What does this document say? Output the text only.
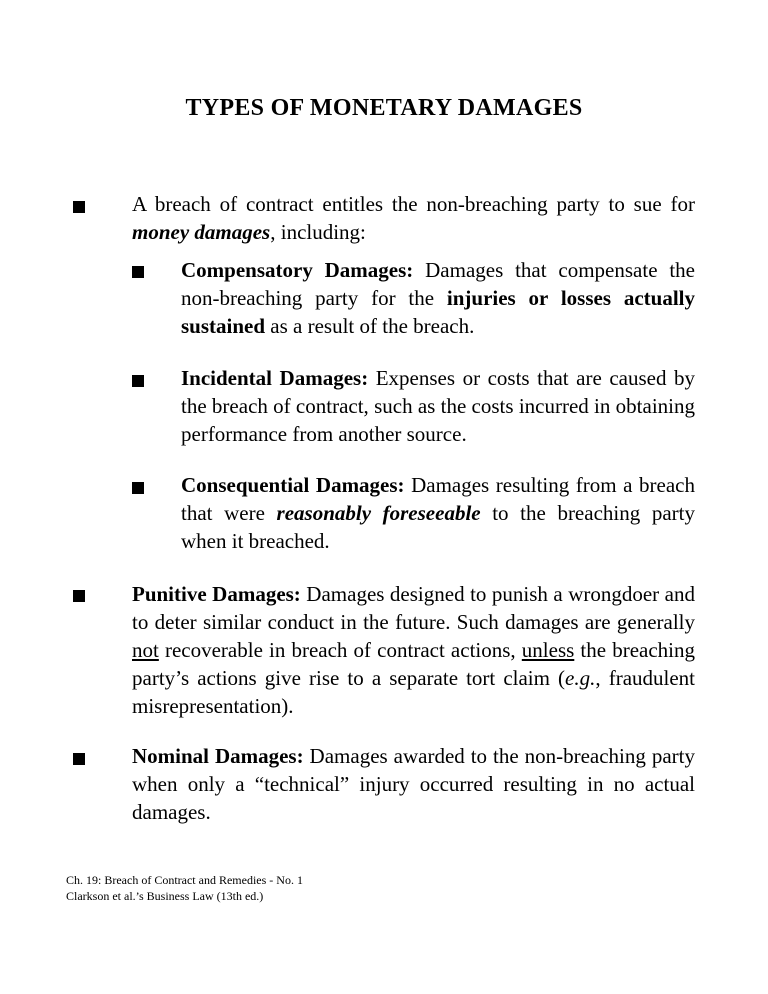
TYPES OF MONETARY DAMAGES
A breach of contract entitles the non-breaching party to sue for money damages, including:
Compensatory Damages: Damages that compensate the non-breaching party for the injuries or losses actually sustained as a result of the breach.
Incidental Damages: Expenses or costs that are caused by the breach of contract, such as the costs incurred in obtaining performance from another source.
Consequential Damages: Damages resulting from a breach that were reasonably foreseeable to the breaching party when it breached.
Punitive Damages: Damages designed to punish a wrongdoer and to deter similar conduct in the future. Such damages are generally not recoverable in breach of contract actions, unless the breaching party’s actions give rise to a separate tort claim (e.g., fraudulent misrepresentation).
Nominal Damages: Damages awarded to the non-breaching party when only a “technical” injury occurred resulting in no actual damages.
Ch. 19: Breach of Contract and Remedies - No. 1
Clarkson et al.’s Business Law (13th ed.)
